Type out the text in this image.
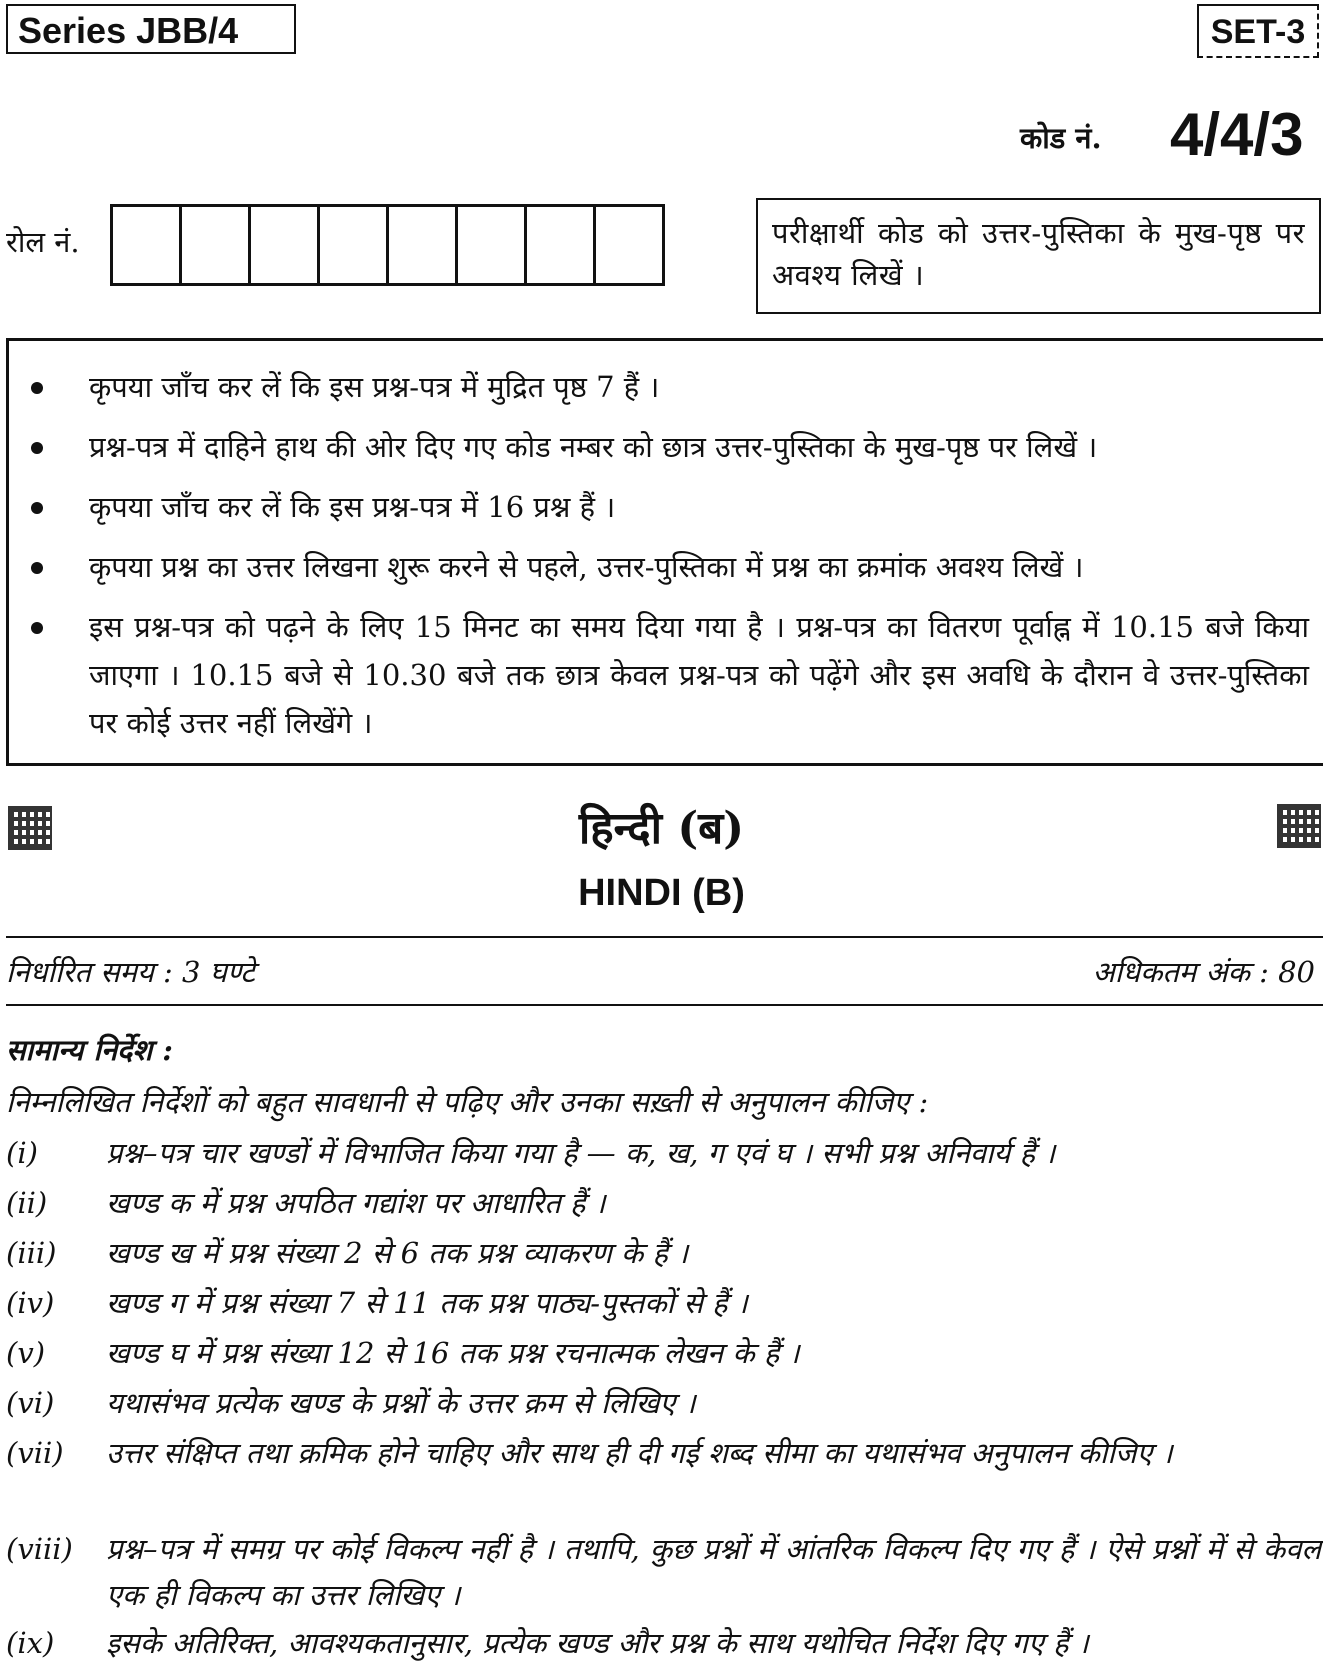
Series JBB/4	SET-3
कोड नं. 4/4/3
रोल नं.	परीक्षार्थी कोड को उत्तर-पुस्तिका के मुख-पृष्ठ पर अवश्य लिखें ।
कृपया जाँच कर लें कि इस प्रश्न-पत्र में मुद्रित पृष्ठ 7 हैं ।
प्रश्न-पत्र में दाहिने हाथ की ओर दिए गए कोड नम्बर को छात्र उत्तर-पुस्तिका के मुख-पृष्ठ पर लिखें ।
कृपया जाँच कर लें कि इस प्रश्न-पत्र में 16 प्रश्न हैं ।
कृपया प्रश्न का उत्तर लिखना शुरू करने से पहले, उत्तर-पुस्तिका में प्रश्न का क्रमांक अवश्य लिखें ।
इस प्रश्न-पत्र को पढ़ने के लिए 15 मिनट का समय दिया गया है । प्रश्न-पत्र का वितरण पूर्वाह्न में 10.15 बजे किया जाएगा । 10.15 बजे से 10.30 बजे तक छात्र केवल प्रश्न-पत्र को पढ़ेंगे और इस अवधि के दौरान वे उत्तर-पुस्तिका पर कोई उत्तर नहीं लिखेंगे ।
हिन्दी (ब)
HINDI (B)
निर्धारित समय : 3 घण्टे	अधिकतम अंक : 80
सामान्य निर्देश :
निम्नलिखित निर्देशों को बहुत सावधानी से पढ़िए और उनका सख़्ती से अनुपालन कीजिए :
(i)	प्रश्न–पत्र चार खण्डों में विभाजित किया गया है — क, ख, ग एवं घ । सभी प्रश्न अनिवार्य हैं ।
(ii)	खण्ड क में प्रश्न अपठित गद्यांश पर आधारित हैं ।
(iii)	खण्ड ख में प्रश्न संख्या 2 से 6 तक प्रश्न व्याकरण के हैं ।
(iv)	खण्ड ग में प्रश्न संख्या 7 से 11 तक प्रश्न पाठ्य-पुस्तकों से हैं ।
(v)	खण्ड घ में प्रश्न संख्या 12 से 16 तक प्रश्न रचनात्मक लेखन के हैं ।
(vi)	यथासंभव प्रत्येक खण्ड के प्रश्नों के उत्तर क्रम से लिखिए ।
(vii)	उत्तर संक्षिप्त तथा क्रमिक होने चाहिए और साथ ही दी गई शब्द सीमा का यथासंभव अनुपालन कीजिए ।
(viii)	प्रश्न–पत्र में समग्र पर कोई विकल्प नहीं है । तथापि, कुछ प्रश्नों में आंतरिक विकल्प दिए गए हैं । ऐसे प्रश्नों में से केवल एक ही विकल्प का उत्तर लिखिए ।
(ix)	इसके अतिरिक्त, आवश्यकतानुसार, प्रत्येक खण्ड और प्रश्न के साथ यथोचित निर्देश दिए गए हैं ।
